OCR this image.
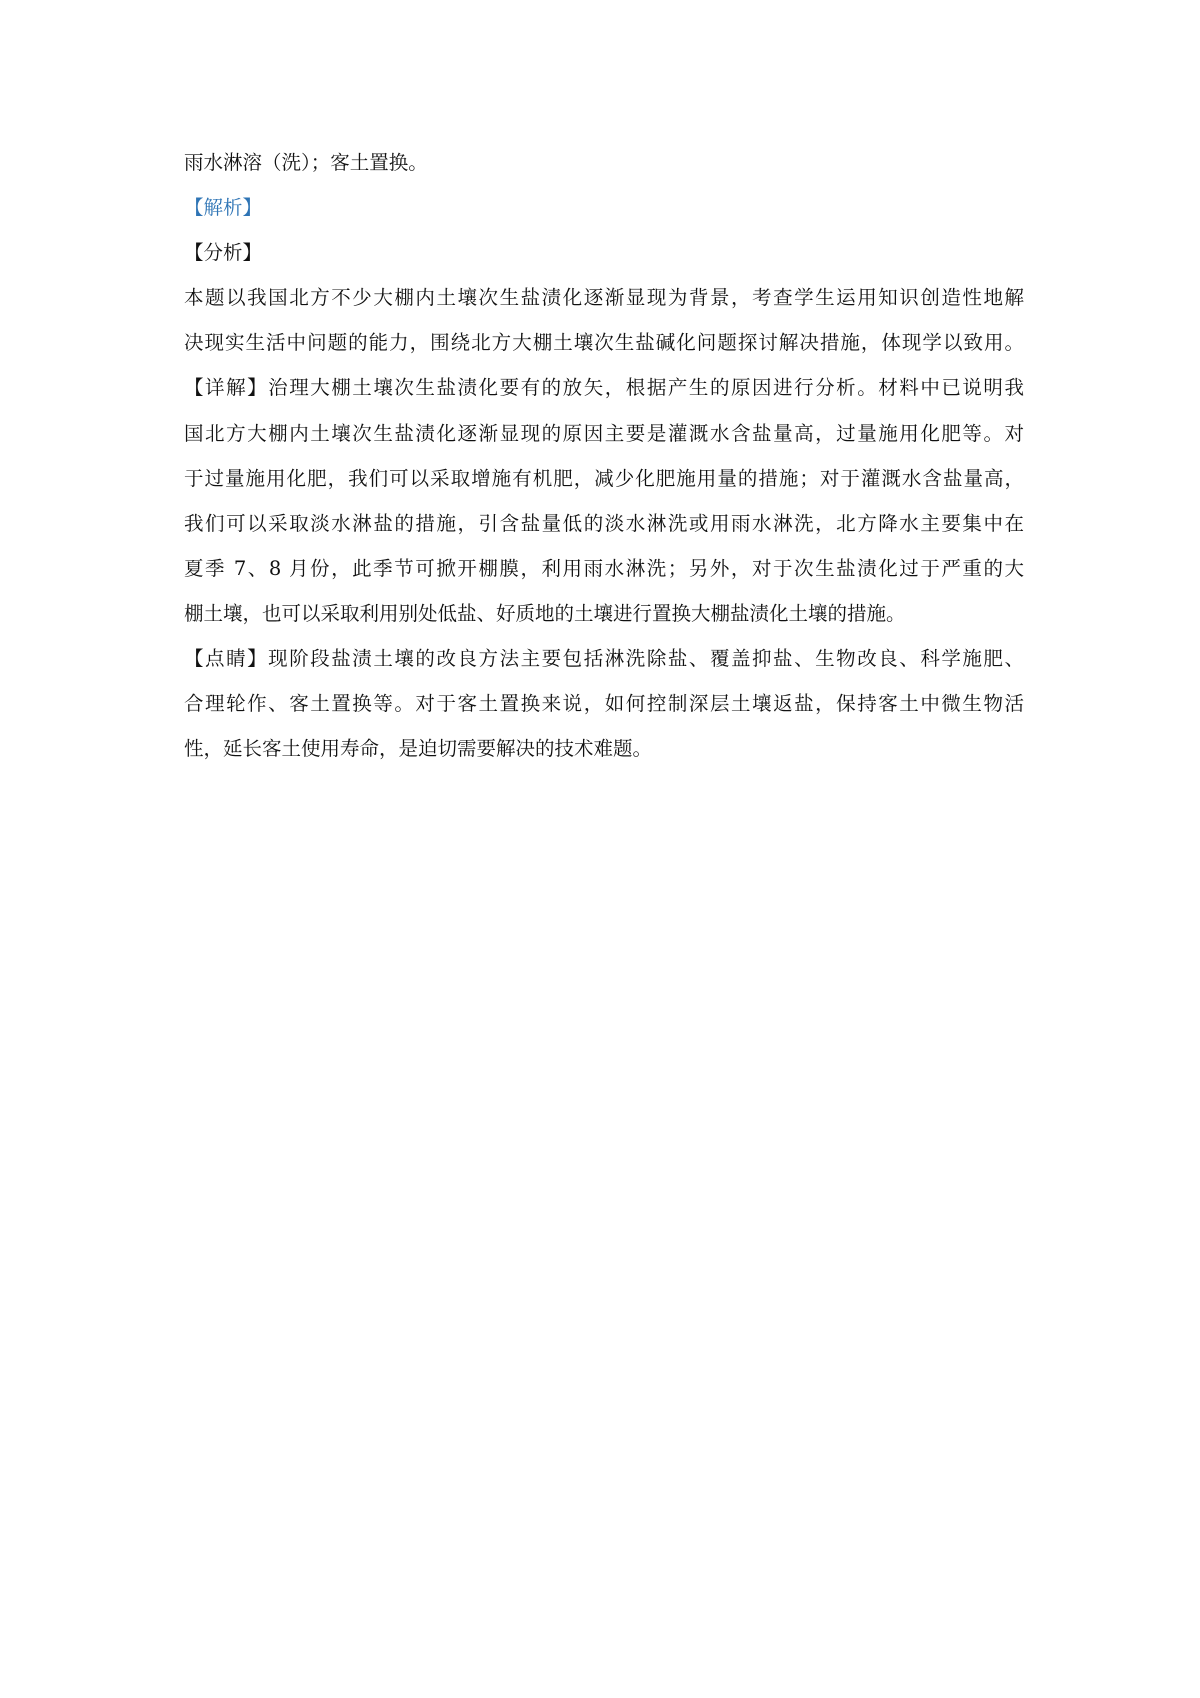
雨水淋溶（洗）；客土置换。
【解析】
【分析】
本题以我国北方不少大棚内土壤次生盐渍化逐渐显现为背景，考查学生运用知识创造性地解
决现实生活中问题的能力，围绕北方大棚土壤次生盐碱化问题探讨解决措施，体现学以致用。
【详解】治理大棚土壤次生盐渍化要有的放矢，根据产生的原因进行分析。材料中已说明我
国北方大棚内土壤次生盐渍化逐渐显现的原因主要是灌溉水含盐量高，过量施用化肥等。对
于过量施用化肥，我们可以采取增施有机肥，减少化肥施用量的措施；对于灌溉水含盐量高，
我们可以采取淡水淋盐的措施，引含盐量低的淡水淋洗或用雨水淋洗，北方降水主要集中在
夏季 7、8 月份，此季节可掀开棚膜，利用雨水淋洗；另外，对于次生盐渍化过于严重的大
棚土壤，也可以采取利用别处低盐、好质地的土壤进行置换大棚盐渍化土壤的措施。
【点睛】现阶段盐渍土壤的改良方法主要包括淋洗除盐、覆盖抑盐、生物改良、科学施肥、
合理轮作、客土置换等。对于客土置换来说，如何控制深层土壤返盐，保持客土中微生物活
性，延长客土使用寿命，是迫切需要解决的技术难题。
